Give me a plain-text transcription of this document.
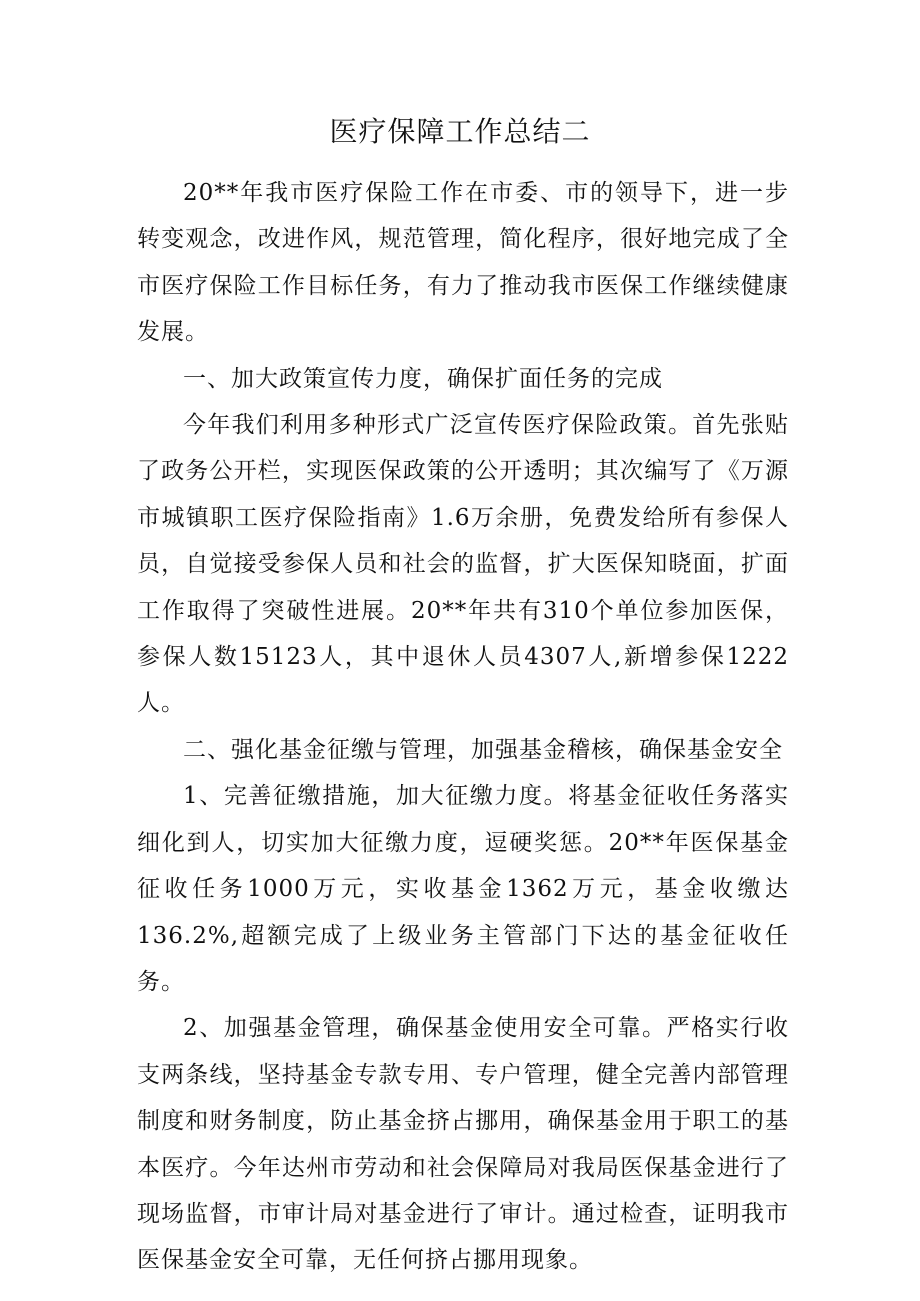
医疗保障工作总结二

20**年我市医疗保险工作在市委、市的领导下，进一步转变观念，改进作风，规范管理，简化程序，很好地完成了全市医疗保险工作目标任务，有力了推动我市医保工作继续健康发展。

一、加大政策宣传力度，确保扩面任务的完成

今年我们利用多种形式广泛宣传医疗保险政策。首先张贴了政务公开栏，实现医保政策的公开透明；其次编写了《万源市城镇职工医疗保险指南》1.6万余册，免费发给所有参保人员，自觉接受参保人员和社会的监督，扩大医保知晓面，扩面工作取得了突破性进展。20**年共有310个单位参加医保，参保人数15123人，其中退休人员4307人,新增参保1222人。

二、强化基金征缴与管理，加强基金稽核，确保基金安全

1、完善征缴措施，加大征缴力度。将基金征收任务落实细化到人，切实加大征缴力度，逗硬奖惩。20**年医保基金征收任务1000万元，实收基金1362万元，基金收缴达136.2%,超额完成了上级业务主管部门下达的基金征收任务。

2、加强基金管理，确保基金使用安全可靠。严格实行收支两条线，坚持基金专款专用、专户管理，健全完善内部管理制度和财务制度，防止基金挤占挪用，确保基金用于职工的基本医疗。今年达州市劳动和社会保障局对我局医保基金进行了现场监督，市审计局对基金进行了审计。通过检查，证明我市医保基金安全可靠，无任何挤占挪用现象。
